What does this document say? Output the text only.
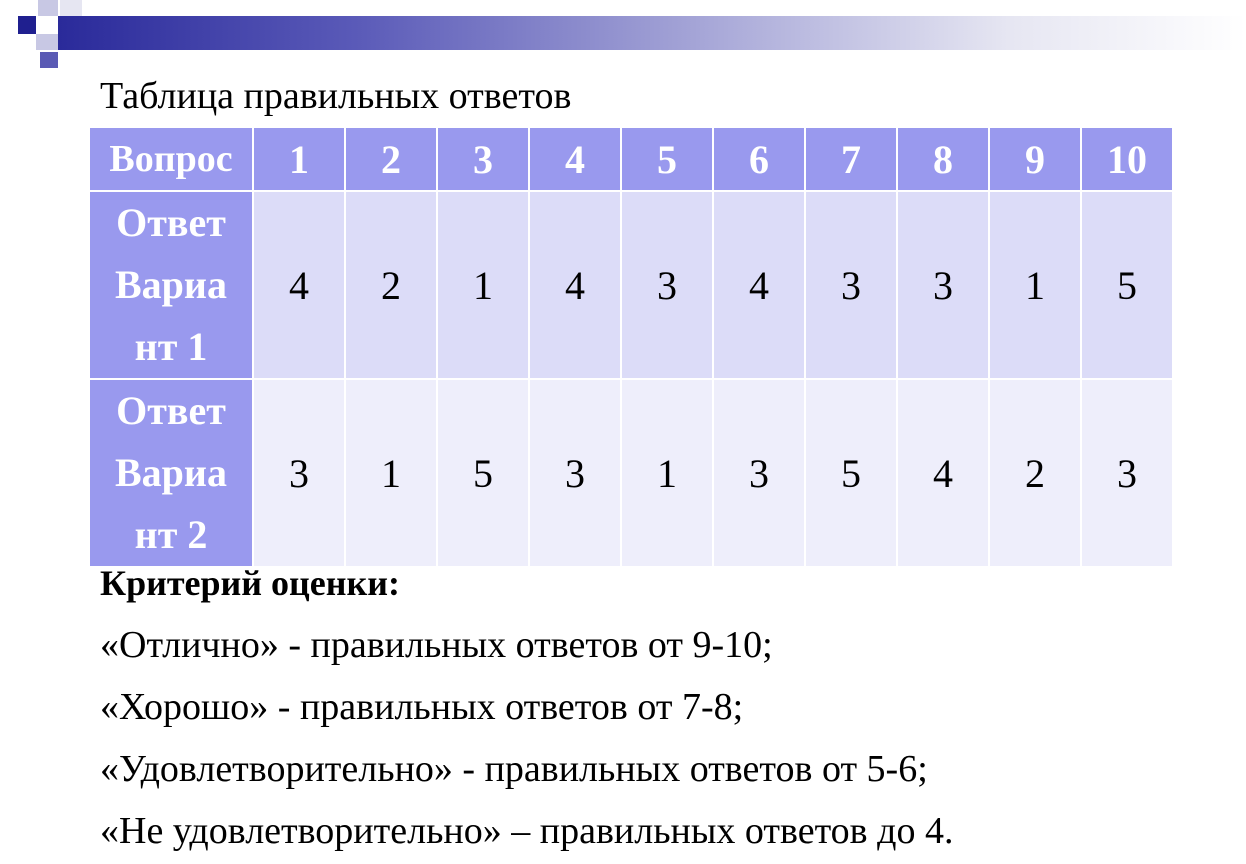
Таблица правильных ответов
Вопрос	1	2	3	4	5	6	7	8	9	10

Ответ
Вариа
нт 1	4	2	1	4	3	4	3	3	1	5

Ответ
Вариа
нт 2	3	1	5	3	1	3	5	4	2	3
Критерий оценки:
«Отлично» - правильных ответов от 9-10;
«Хорошо» - правильных ответов от 7-8;
«Удовлетворительно» - правильных ответов от 5-6;
«Не удовлетворительно» – правильных ответов до 4.
